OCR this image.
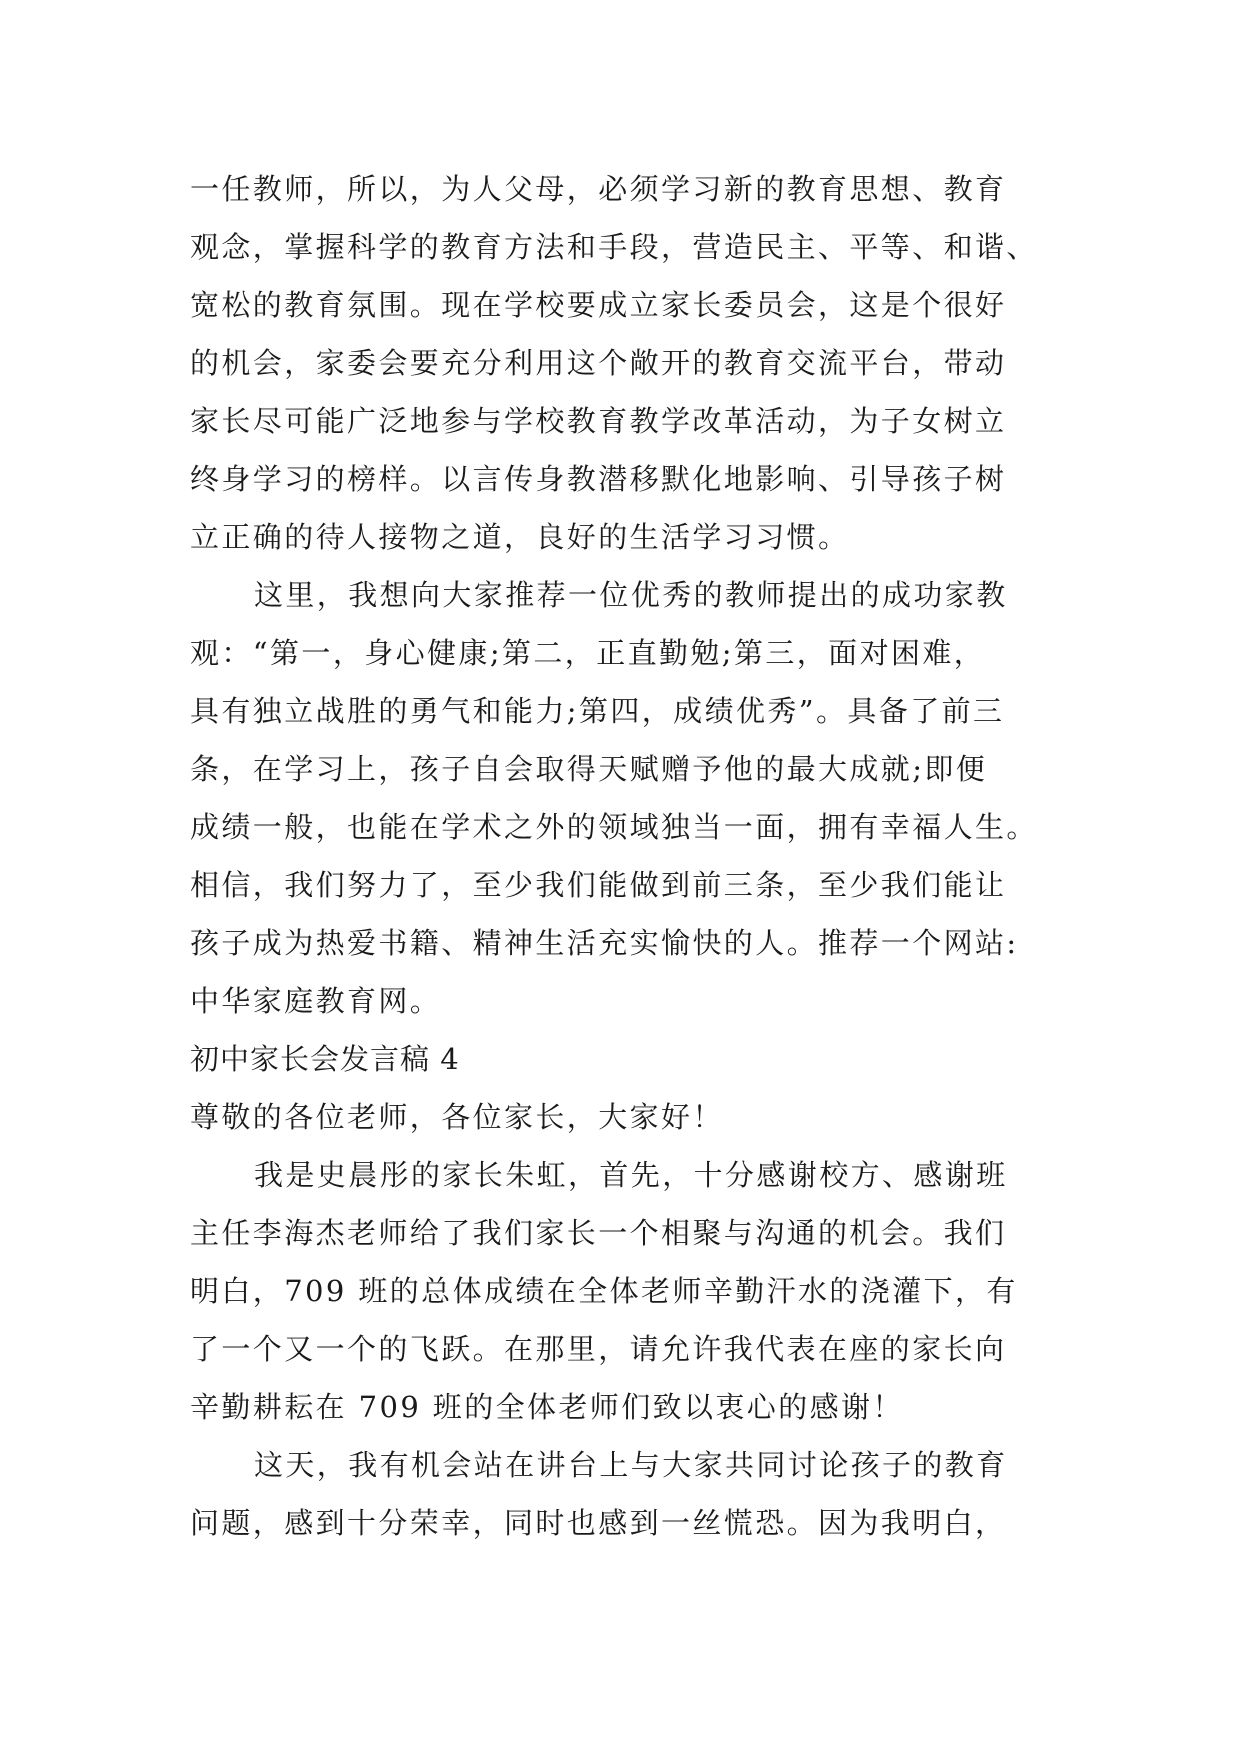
一任教师，所以，为人父母，必须学习新的教育思想、教育
观念，掌握科学的教育方法和手段，营造民主、平等、和谐、
宽松的教育氛围。现在学校要成立家长委员会，这是个很好
的机会，家委会要充分利用这个敞开的教育交流平台，带动
家长尽可能广泛地参与学校教育教学改革活动，为子女树立
终身学习的榜样。以言传身教潜移默化地影响、引导孩子树
立正确的待人接物之道，良好的生活学习习惯。
这里，我想向大家推荐一位优秀的教师提出的成功家教
观：“第一，身心健康;第二，正直勤勉;第三，面对困难，
具有独立战胜的勇气和能力;第四，成绩优秀”。具备了前三
条，在学习上，孩子自会取得天赋赠予他的最大成就;即便
成绩一般，也能在学术之外的领域独当一面，拥有幸福人生。
相信，我们努力了，至少我们能做到前三条，至少我们能让
孩子成为热爱书籍、精神生活充实愉快的人。推荐一个网站:
中华家庭教育网。
初中家长会发言稿 4
尊敬的各位老师，各位家长，大家好！
我是史晨彤的家长朱虹，首先，十分感谢校方、感谢班
主任李海杰老师给了我们家长一个相聚与沟通的机会。我们
明白，709 班的总体成绩在全体老师辛勤汗水的浇灌下，有
了一个又一个的飞跃。在那里，请允许我代表在座的家长向
辛勤耕耘在 709 班的全体老师们致以衷心的感谢！
这天，我有机会站在讲台上与大家共同讨论孩子的教育
问题，感到十分荣幸，同时也感到一丝慌恐。因为我明白，
